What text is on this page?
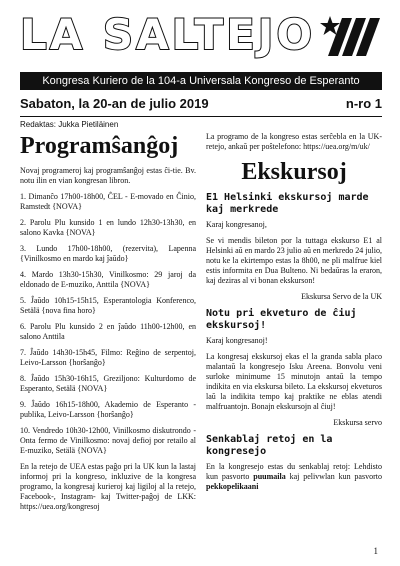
LA SALTEJO
Kongresa Kuriero de la 104-a Universala Kongreso de Esperanto
Sabaton, la 20-an de julio 2019	n-ro 1
Redaktas: Jukka Pietiläinen
Programŝanĝoj

Novaj programeroj kaj programŝanĝoj estas ĉi-tie. Bv. notu ilin en vian kongresan libron.

1. Dimanĉo 17h00-18h00, ĈEL - E-movado en Ĉinio, Ramstedt {NOVA}

2. Parolu Plu kunsido 1 en lundo 12h30-13h30, en salono Kavka {NOVA}

3. Lundo 17h00-18h00, (rezervita), Lapenna {Vinilkosmo en mardo kaj ĵaŭdo}

4. Mardo 13h30-15h30, Vinilkosmo: 29 jaroj da eldonado de E-muziko, Anttila {NOVA}

5. Ĵaŭdo 10h15-15h15, Esperantologia Konferenco, Setälä {nova fina horo}

6. Parolu Plu kunsido 2 en ĵaŭdo 11h00-12h00, en salono Anttila

7. Ĵaŭdo 14h30-15h45, Filmo: Reĝino de serpentoj, Leivo-Larsson {horŝanĝo}

8. Ĵaŭdo 15h30-16h15, Greziljono: Kulturdomo de Esperanto, Setälä {NOVA}

9. Ĵaŭdo 16h15-18h00, Akademio de Esperanto - publika, Leivo-Larsson {horŝanĝo}

10. Vendredo 10h30-12h00, Vinilkosmo diskutrondo - Onta fermo de Vinilkosmo: novaj defioj por retailo al E-muziko, Setälä {NOVA}

En la retejo de UEA estas paĝo pri la UK kun la lastaj informoj pri la kongreso, inkluzive de la kongresa programo, la kongresaj kurieroj kaj ligiloj al la retejo, Facebook-, Instagram- kaj Twitter-paĝoj de LKK: https://uea.org/kongresoj

La programo de la kongreso estas serĉebla en la UK-retejo, ankaŭ per poŝtelefono: https://uea.org/m/uk/

Ekskursoj
E1 Helsinki ekskursoj marde kaj merkrede

Karaj kongresanoj,

Se vi mendis bileton por la tuttaga ekskurso E1 al Helsinki aŭ en mardo 23 julio aŭ en merkredo 24 julio, notu ke la ekirtempo estas la 8h00, ne pli malfrue kiel estis informita en Dua Bulteno. Ni bedaŭras la eraron, kaj deziras al vi bonan ekskurson!

Ekskursa Servo de la UK

Notu pri ekveturo de ĉiuj ekskursoj!

Karaj kongresanoj!

La kongresaj ekskursoj ekas el la granda sabla placo malantaŭ la kongresejo Isku Areena. Bonvolu veni surloke minimume 15 minutojn antaŭ la tempo indikita en via ekskursa bileto. La ekskursoj ekveturos laŭ la indikita tempo kaj praktike ne eblas atendi malfruantojn. Bonajn ekskursojn al ĉiuj!

Ekskursa servo

Senkablaj retoj en la kongresejo

En la kongresejo estas du senkablaj retoj: Lehdisto kun pasvorto puumaila kaj pelivwlan kun pasvorto pekkopelikaani

1
